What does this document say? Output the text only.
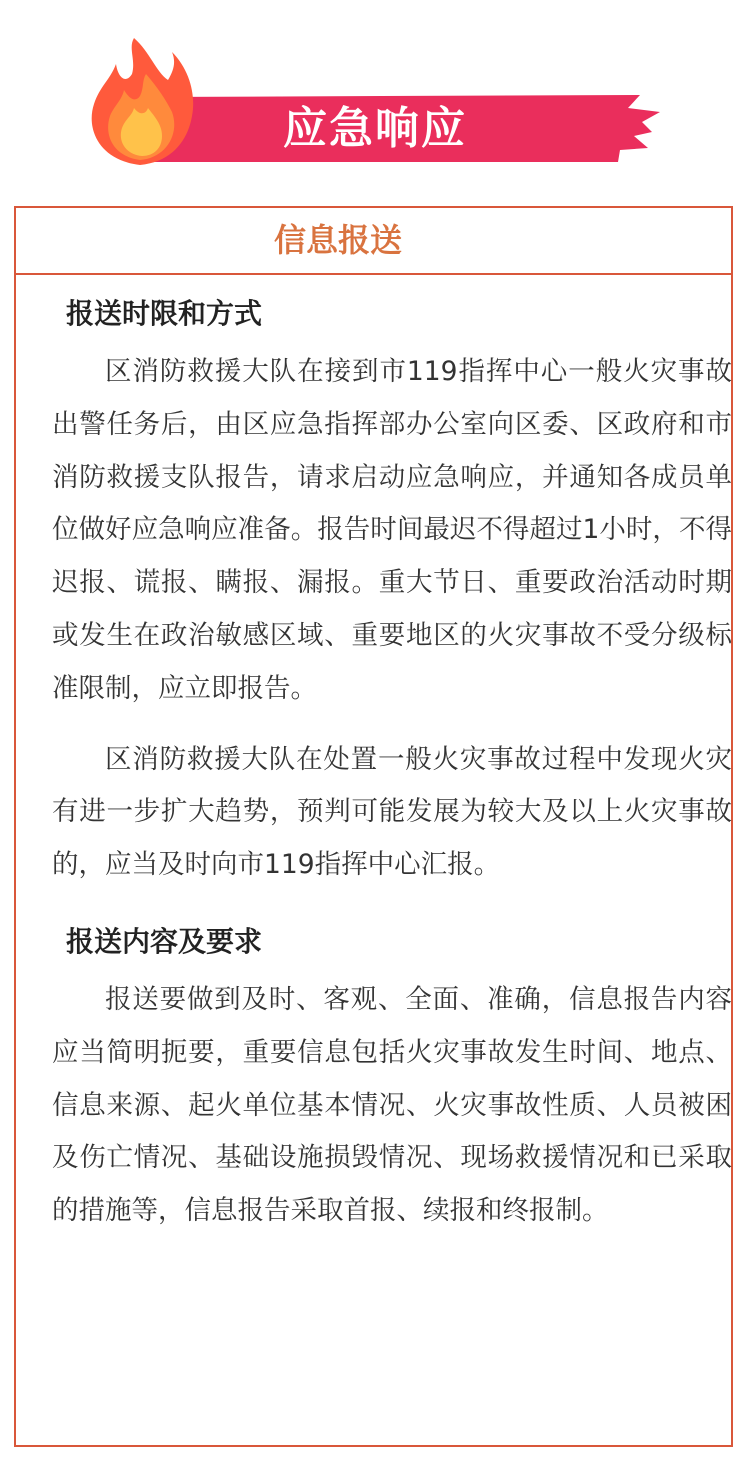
应急响应
信息报送
报送时限和方式

区消防救援大队在接到市119指挥中心一般火灾事故出警任务后，由区应急指挥部办公室向区委、区政府和市消防救援支队报告，请求启动应急响应，并通知各成员单位做好应急响应准备。报告时间最迟不得超过1小时，不得迟报、谎报、瞒报、漏报。重大节日、重要政治活动时期或发生在政治敏感区域、重要地区的火灾事故不受分级标准限制，应立即报告。

区消防救援大队在处置一般火灾事故过程中发现火灾有进一步扩大趋势，预判可能发展为较大及以上火灾事故的，应当及时向市119指挥中心汇报。

报送内容及要求

报送要做到及时、客观、全面、准确，信息报告内容应当简明扼要，重要信息包括火灾事故发生时间、地点、信息来源、起火单位基本情况、火灾事故性质、人员被困及伤亡情况、基础设施损毁情况、现场救援情况和已采取的措施等，信息报告采取首报、续报和终报制。
